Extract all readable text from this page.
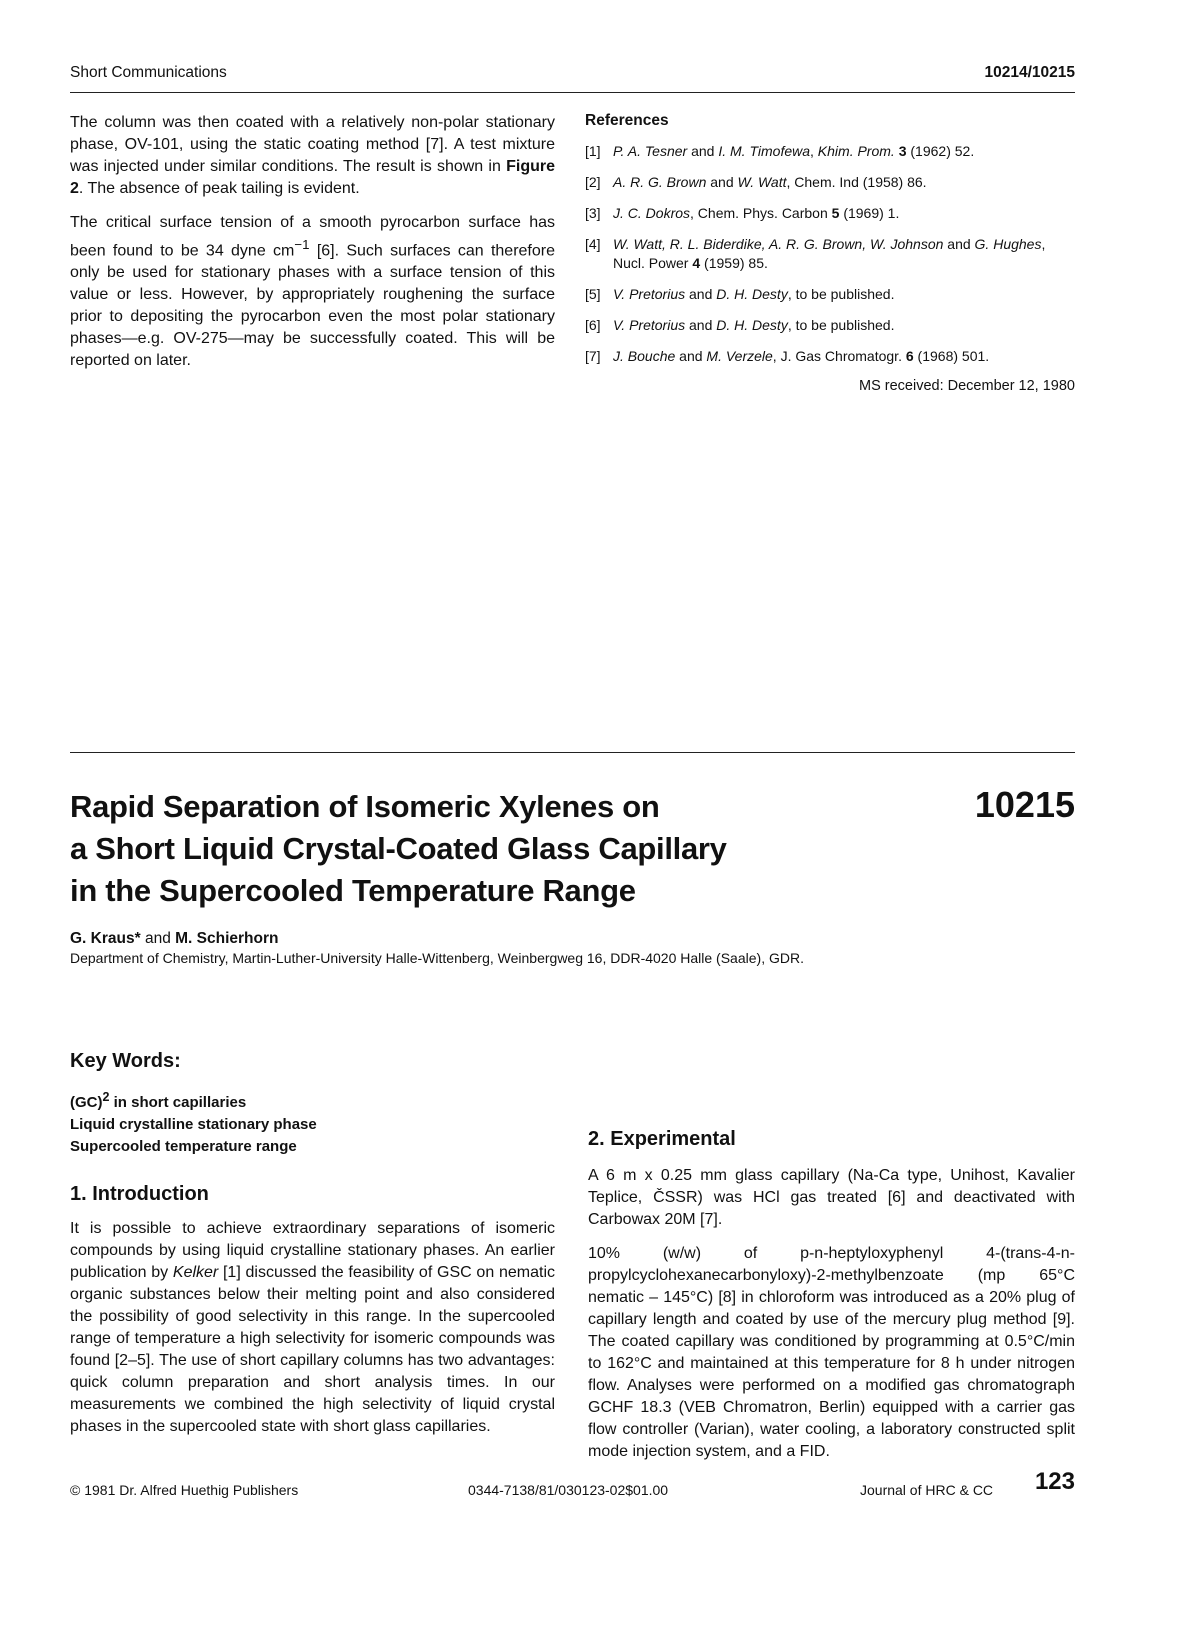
Short Communications	10214/10215

The column was then coated with a relatively non-polar stationary phase, OV-101, using the static coating method [7]. A test mixture was injected under similar conditions. The result is shown in Figure 2. The absence of peak tailing is evident.

The critical surface tension of a smooth pyrocarbon surface has been found to be 34 dyne $cm^{-1}$ [6]. Such surfaces can therefore only be used for stationary phases with a surface tension of this value or less. However, by appropriately roughening the surface prior to depositing the pyrocarbon even the most polar stationary phases—e.g. OV-275—may be successfully coated. This will be reported on later.

References
[1] P. A. Tesner and I. M. Timofewa, Khim. Prom. 3 (1962) 52.
[2] A. R. G. Brown and W. Watt, Chem. Ind (1958) 86.
[3] J. C. Dokros, Chem. Phys. Carbon 5 (1969) 1.
[4] W. Watt, R. L. Biderdike, A. R. G. Brown, W. Johnson and G. Hughes, Nucl. Power 4 (1959) 85.
[5] V. Pretorius and D. H. Desty, to be published.
[6] V. Pretorius and D. H. Desty, to be published.
[7] J. Bouche and M. Verzele, J. Gas Chromatogr. 6 (1968) 501.
MS received: December 12, 1980
Rapid Separation of Isomeric Xylenes on
a Short Liquid Crystal-Coated Glass Capillary
in the Supercooled Temperature Range
10215
G. Kraus* and M. Schierhorn
Department of Chemistry, Martin-Luther-University Halle-Wittenberg, Weinbergweg 16, DDR-4020 Halle (Saale), GDR.
Key Words:
(GC)$^2$ in short capillaries
Liquid crystalline stationary phase
Supercooled temperature range
1. Introduction

It is possible to achieve extraordinary separations of isomeric compounds by using liquid crystalline stationary phases. An earlier publication by Kelker [1] discussed the feasibility of GSC on nematic organic substances below their melting point and also considered the possibility of good selectivity in this range. In the supercooled range of temperature a high selectivity for isomeric compounds was found [2–5]. The use of short capillary columns has two advantages: quick column preparation and short analysis times. In our measurements we combined the high selectivity of liquid crystal phases in the supercooled state with short glass capillaries.

2. Experimental

A 6 m x 0.25 mm glass capillary (Na-Ca type, Unihost, Kavalier Teplice, ČSSR) was HCl gas treated [6] and deactivated with Carbowax 20M [7].

10% (w/w) of p-n-heptyloxyphenyl 4-(trans-4-n-propylcyclohexanecarbonyloxy)-2-methylbenzoate (mp 65°C nematic – 145°C) [8] in chloroform was introduced as a 20% plug of capillary length and coated by use of the mercury plug method [9]. The coated capillary was conditioned by programming at 0.5°C/min to 162°C and maintained at this temperature for 8 h under nitrogen flow. Analyses were performed on a modified gas chromatograph GCHF 18.3 (VEB Chromatron, Berlin) equipped with a carrier gas flow controller (Varian), water cooling, a laboratory constructed split mode injection system, and a FID.

© 1981 Dr. Alfred Huethig Publishers	0344-7138/81/030123-02$01.00	Journal of HRC & CC 123
